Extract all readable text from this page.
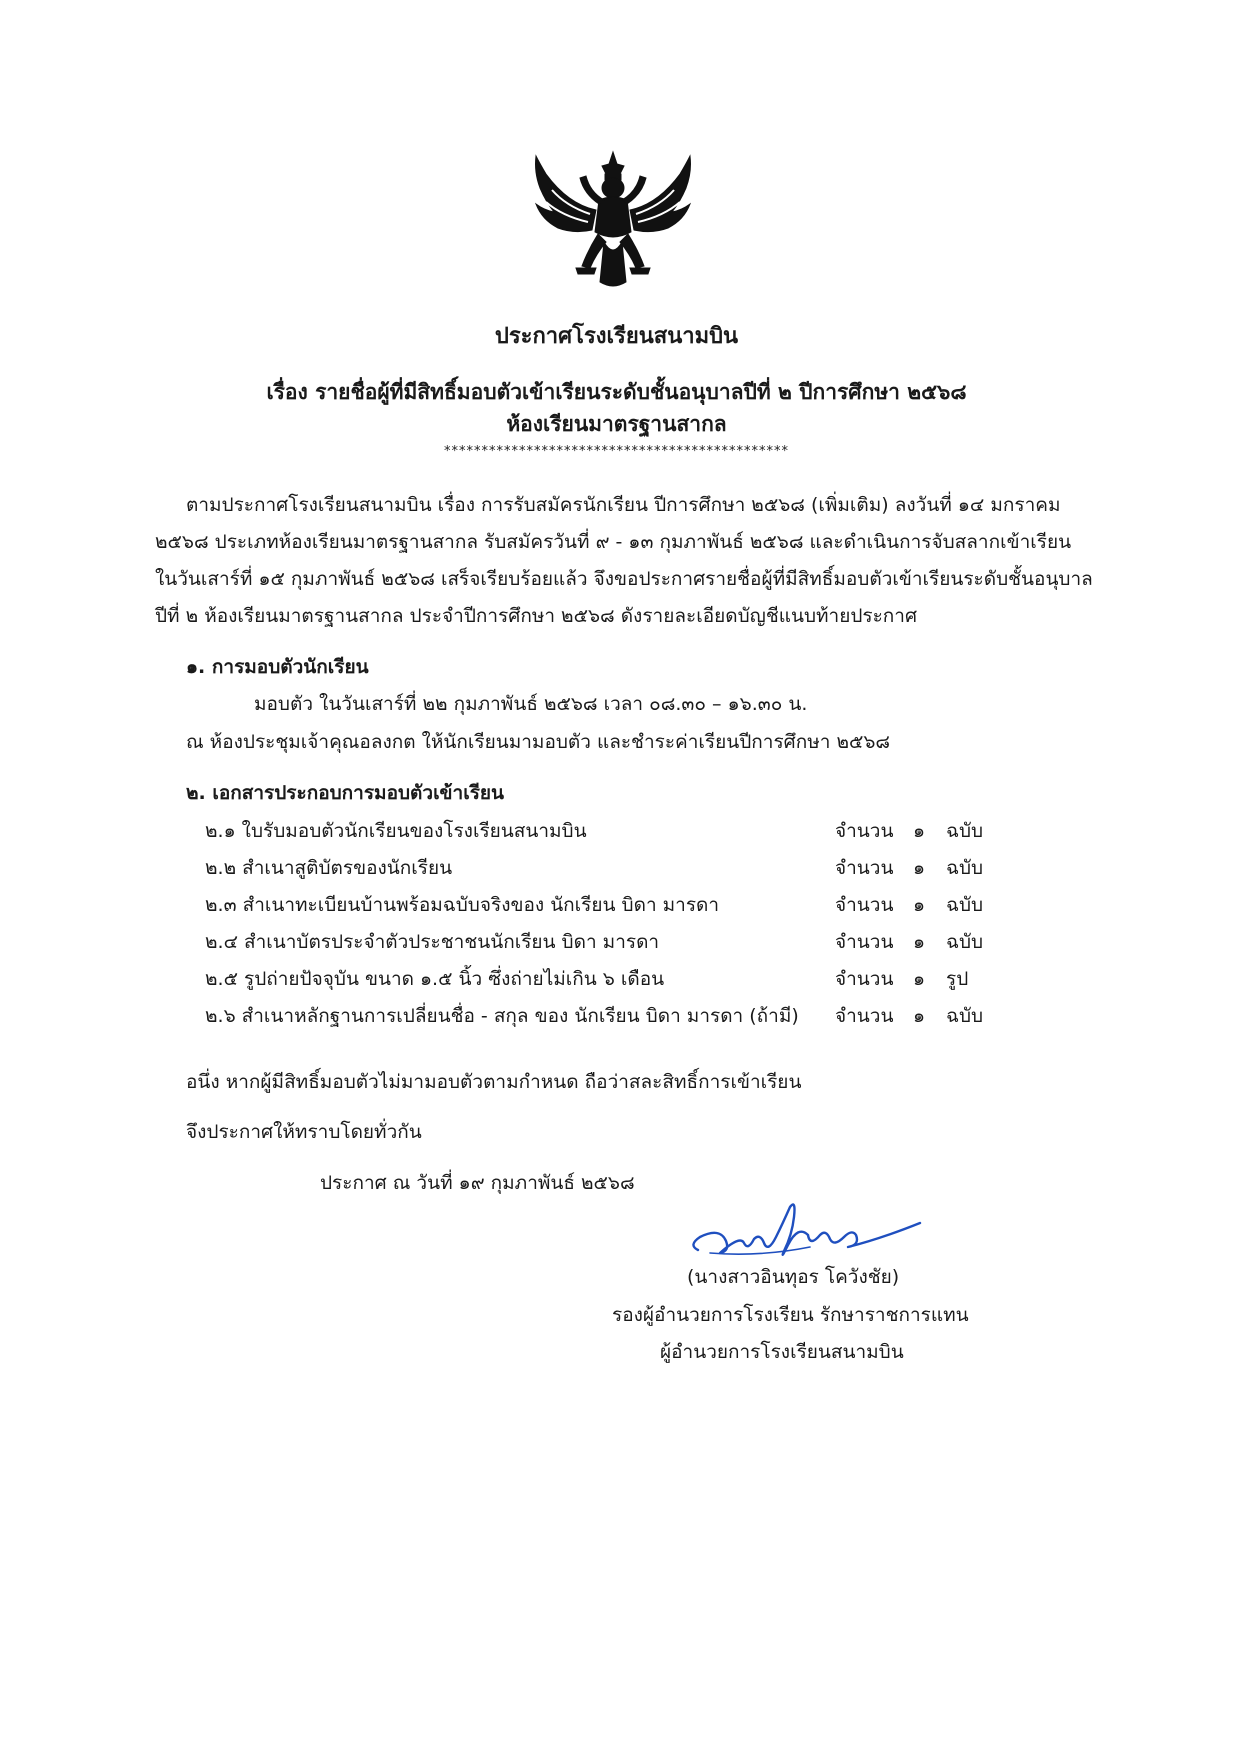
ประกาศโรงเรียนสนามบิน
เรื่อง รายชื่อผู้ที่มีสิทธิ์มอบตัวเข้าเรียนระดับชั้นอนุบาลปีที่ ๒ ปีการศึกษา ๒๕๖๘
ห้องเรียนมาตรฐานสากล
**********************************************
ตามประกาศโรงเรียนสนามบิน เรื่อง การรับสมัครนักเรียน ปีการศึกษา ๒๕๖๘ (เพิ่มเติม) ลงวันที่ ๑๔ มกราคม
๒๕๖๘ ประเภทห้องเรียนมาตรฐานสากล รับสมัครวันที่ ๙ - ๑๓ กุมภาพันธ์ ๒๕๖๘ และดำเนินการจับสลากเข้าเรียน
ในวันเสาร์ที่ ๑๕ กุมภาพันธ์ ๒๕๖๘ เสร็จเรียบร้อยแล้ว จึงขอประกาศรายชื่อผู้ที่มีสิทธิ์มอบตัวเข้าเรียนระดับชั้นอนุบาล
ปีที่ ๒ ห้องเรียนมาตรฐานสากล ประจำปีการศึกษา ๒๕๖๘ ดังรายละเอียดบัญชีแนบท้ายประกาศ
๑. การมอบตัวนักเรียน
มอบตัว ในวันเสาร์ที่ ๒๒ กุมภาพันธ์ ๒๕๖๘ เวลา ๐๘.๓๐ – ๑๖.๓๐ น.
ณ ห้องประชุมเจ้าคุณอลงกต ให้นักเรียนมามอบตัว และชำระค่าเรียนปีการศึกษา ๒๕๖๘
๒. เอกสารประกอบการมอบตัวเข้าเรียน
๒.๑ ใบรับมอบตัวนักเรียนของโรงเรียนสนามบิน	จำนวน ๑ ฉบับ
๒.๒ สำเนาสูติบัตรของนักเรียน	จำนวน ๑ ฉบับ
๒.๓ สำเนาทะเบียนบ้านพร้อมฉบับจริงของ นักเรียน บิดา มารดา	จำนวน ๑ ฉบับ
๒.๔ สำเนาบัตรประจำตัวประชาชนนักเรียน บิดา มารดา	จำนวน ๑ ฉบับ
๒.๕ รูปถ่ายปัจจุบัน ขนาด ๑.๕ นิ้ว ซึ่งถ่ายไม่เกิน ๖ เดือน	จำนวน ๑ รูป
๒.๖ สำเนาหลักฐานการเปลี่ยนชื่อ - สกุล ของ นักเรียน บิดา มารดา (ถ้ามี) จำนวน ๑ ฉบับ
อนึ่ง หากผู้มีสิทธิ์มอบตัวไม่มามอบตัวตามกำหนด ถือว่าสละสิทธิ์การเข้าเรียน
จึงประกาศให้ทราบโดยทั่วกัน
ประกาศ ณ วันที่ ๑๙ กุมภาพันธ์ ๒๕๖๘
(นางสาวอินทุอร โควังชัย)
รองผู้อำนวยการโรงเรียน รักษาราชการแทน
ผู้อำนวยการโรงเรียนสนามบิน
